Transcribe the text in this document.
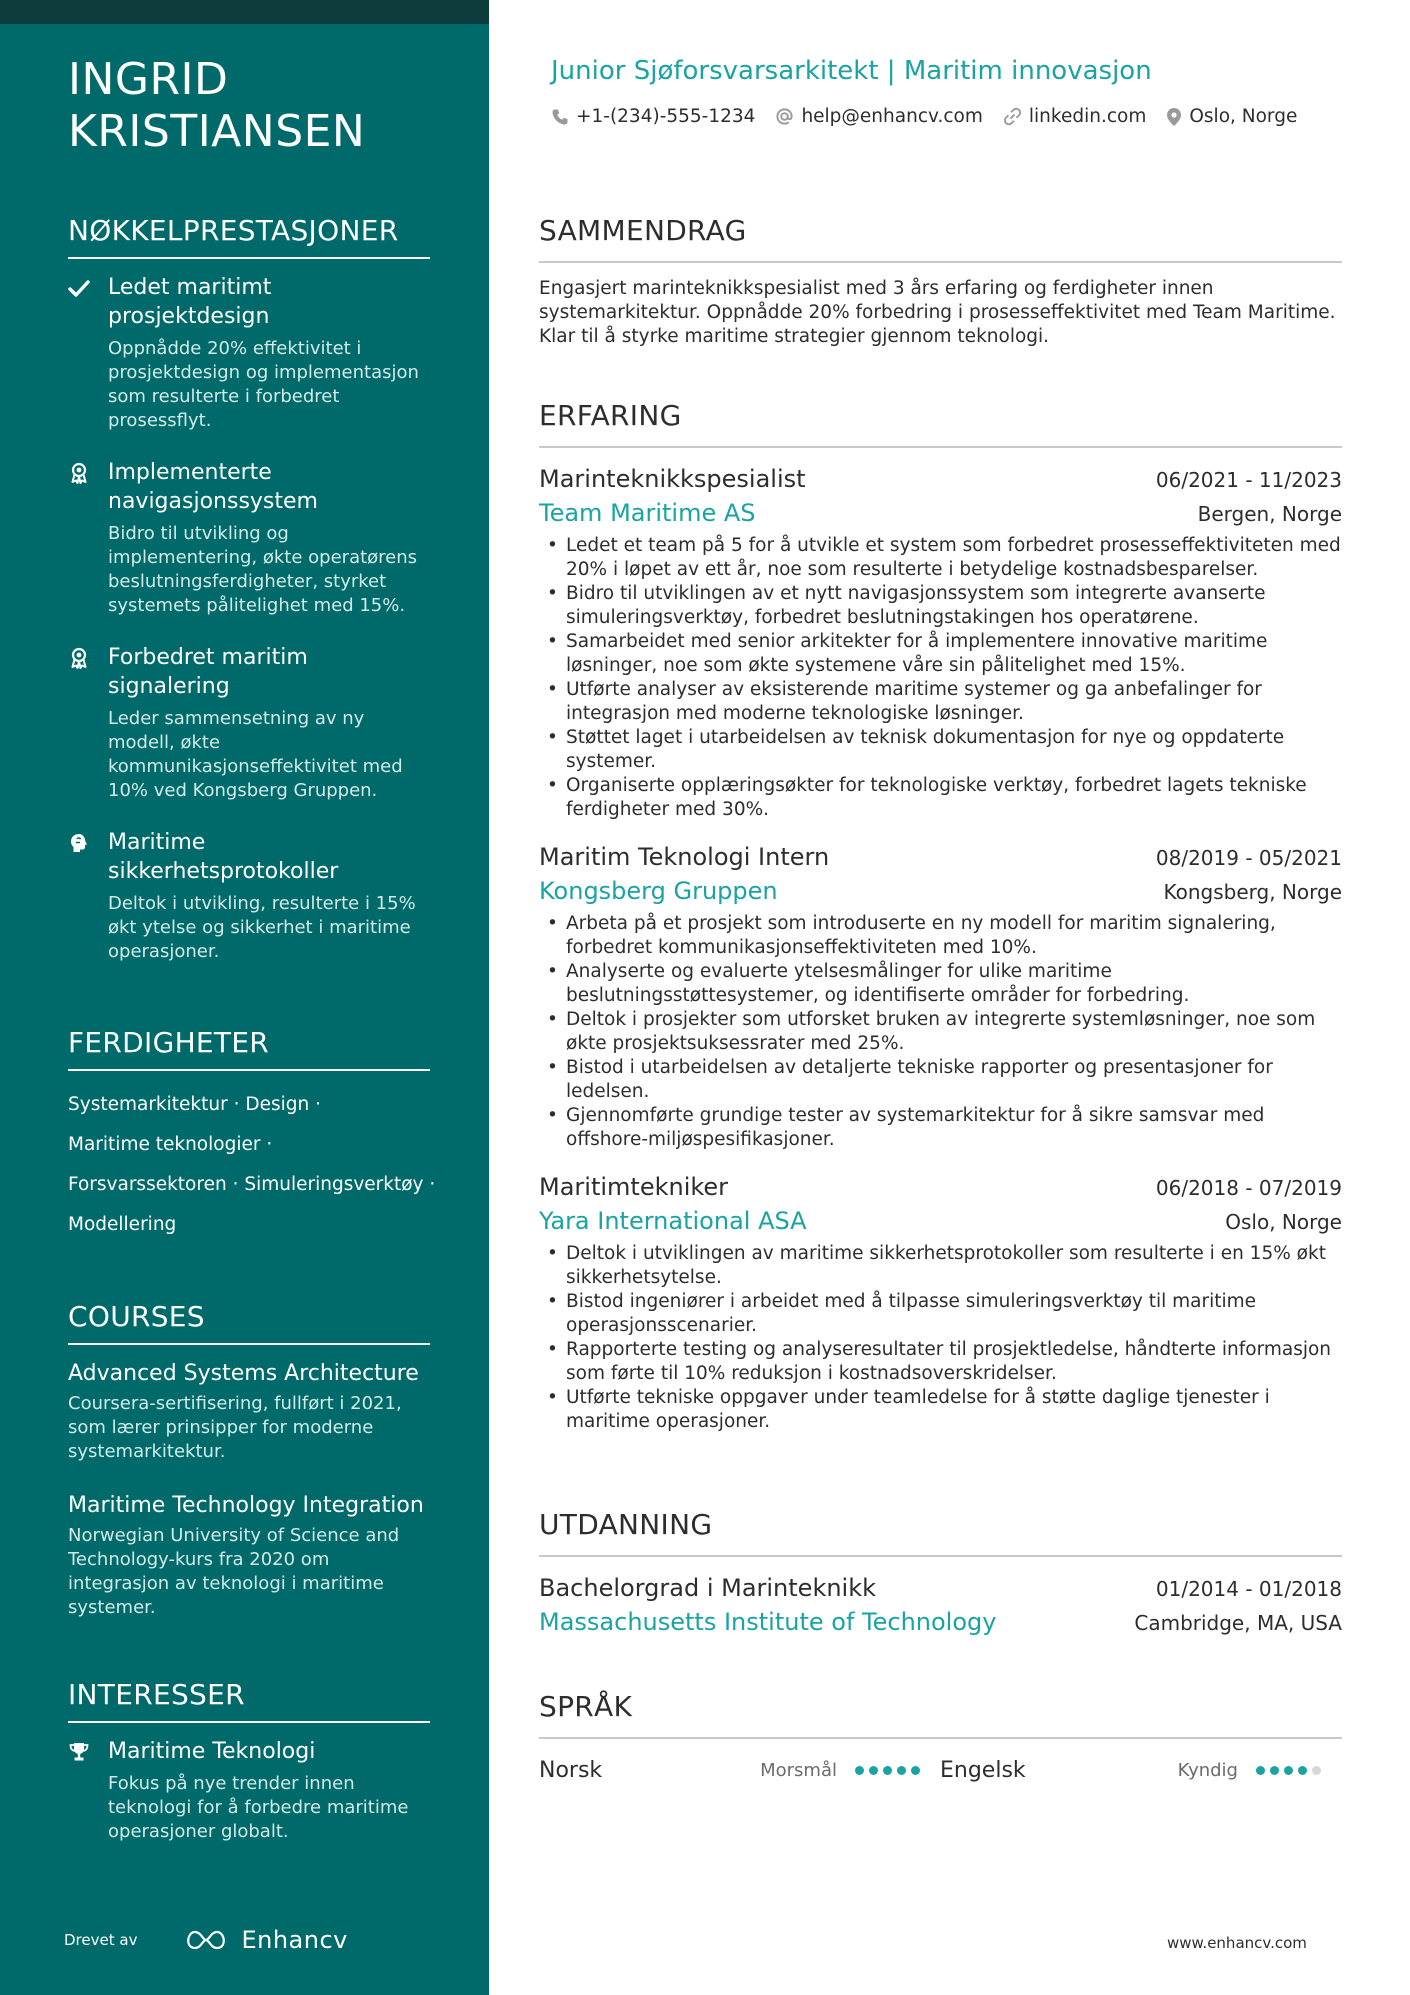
INGRID
KRISTIANSEN
NØKKELPRESTASJONER
Ledet maritimt prosjektdesign
Oppnådde 20% effektivitet i prosjektdesign og implementasjon som resulterte i forbedret prosessflyt.
Implementerte navigasjonssystem
Bidro til utvikling og implementering, økte operatørens beslutningsferdigheter, styrket systemets pålitelighet med 15%.
Forbedret maritim signalering
Leder sammensetning av ny modell, økte kommunikasjonseffektivitet med 10% ved Kongsberg Gruppen.
Maritime sikkerhetsprotokoller
Deltok i utvikling, resulterte i 15% økt ytelse og sikkerhet i maritime operasjoner.
FERDIGHETER
Systemarkitektur · Design ·
Maritime teknologier ·
Forsvarssektoren · Simuleringsverktøy ·
Modellering
COURSES
Advanced Systems Architecture
Coursera-sertifisering, fullført i 2021, som lærer prinsipper for moderne systemarkitektur.
Maritime Technology Integration
Norwegian University of Science and Technology-kurs fra 2020 om integrasjon av teknologi i maritime systemer.
INTERESSER
Maritime Teknologi
Fokus på nye trender innen teknologi for å forbedre maritime operasjoner globalt.
Drevet av	Enhancv
Junior Sjøforsvarsarkitekt | Maritim innovasjon
+1-(234)-555-1234 help@enhancv.com linkedin.com Oslo, Norge
SAMMENDRAG
Engasjert marinteknikkspesialist med 3 års erfaring og ferdigheter innen systemarkitektur. Oppnådde 20% forbedring i prosesseffektivitet med Team Maritime. Klar til å styrke maritime strategier gjennom teknologi.
ERFARING
Marinteknikkspesialist	06/2021 - 11/2023
Team Maritime AS	Bergen, Norge
• Ledet et team på 5 for å utvikle et system som forbedret prosesseffektiviteten med 20% i løpet av ett år, noe som resulterte i betydelige kostnadsbesparelser.
• Bidro til utviklingen av et nytt navigasjonssystem som integrerte avanserte simuleringsverktøy, forbedret beslutningstakingen hos operatørene.
• Samarbeidet med senior arkitekter for å implementere innovative maritime løsninger, noe som økte systemene våre sin pålitelighet med 15%.
• Utførte analyser av eksisterende maritime systemer og ga anbefalinger for integrasjon med moderne teknologiske løsninger.
• Støttet laget i utarbeidelsen av teknisk dokumentasjon for nye og oppdaterte systemer.
• Organiserte opplæringsøkter for teknologiske verktøy, forbedret lagets tekniske ferdigheter med 30%.
Maritim Teknologi Intern	08/2019 - 05/2021
Kongsberg Gruppen	Kongsberg, Norge
• Arbeta på et prosjekt som introduserte en ny modell for maritim signalering, forbedret kommunikasjonseffektiviteten med 10%.
• Analyserte og evaluerte ytelsesmålinger for ulike maritime beslutningsstøttesystemer, og identifiserte områder for forbedring.
• Deltok i prosjekter som utforsket bruken av integrerte systemløsninger, noe som økte prosjektsuksessrater med 25%.
• Bistod i utarbeidelsen av detaljerte tekniske rapporter og presentasjoner for ledelsen.
• Gjennomførte grundige tester av systemarkitektur for å sikre samsvar med offshore-miljøspesifikasjoner.
Maritimtekniker	06/2018 - 07/2019
Yara International ASA	Oslo, Norge
• Deltok i utviklingen av maritime sikkerhetsprotokoller som resulterte i en 15% økt sikkerhetsytelse.
• Bistod ingeniører i arbeidet med å tilpasse simuleringsverktøy til maritime operasjonsscenarier.
• Rapporterte testing og analyseresultater til prosjektledelse, håndterte informasjon som førte til 10% reduksjon i kostnadsoverskridelser.
• Utførte tekniske oppgaver under teamledelse for å støtte daglige tjenester i maritime operasjoner.
UTDANNING
Bachelorgrad i Marinteknikk	01/2014 - 01/2018
Massachusetts Institute of Technology	Cambridge, MA, USA
SPRÅK
Norsk	Morsmål	Engelsk	Kyndig
www.enhancv.com
